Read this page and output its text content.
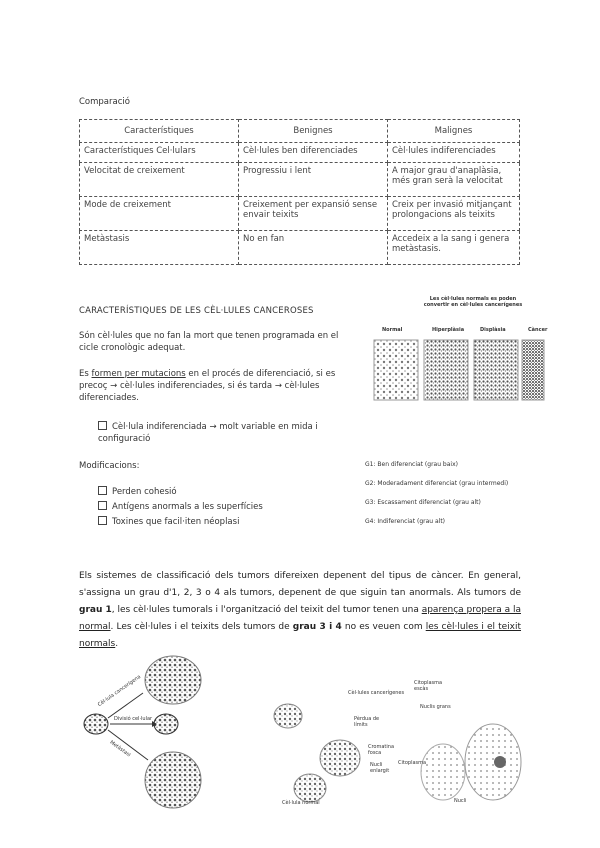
Comparació
Característiques	Benignes	Malignes
Característiques Cel·lulars	Cèl·lules ben diferenciades	Cèl·lules indiferenciades
Velocitat de creixement	Progressiu i lent	A major grau d'anaplàsia, més gran serà la velocitat
Mode de creixement	Creixement per expansió sense envair teixits	Creix per invasió mitjançant prolongacions als teixits
Metàstasis	No en fan	Accedeix a la sang i genera metàstasis.
CARACTERÍSTIQUES DE LES CÈL·LULES CANCEROSES
Són cèl·lules que no fan la mort que tenen programada en el cicle cronològic adequat.
Es formen per mutacions en el procés de diferenciació, si es precoç → cèl·lules indiferenciades, si és tarda → cèl·lules diferenciades.
Cèl·lula indiferenciada → molt variable en mida i configuració
Modificacions:
Perden cohesió
Antígens anormals a les superfícies
Toxines que facil·iten néoplasi
Les cèl·lules normals es poden convertir en cèl·lules cancerígenes
Normal	Hiperplàsia	Displàsia	Càncer
G1: Ben diferenciat (grau baix)
G2: Moderadament diferenciat (grau intermedi)
G3: Escassament diferenciat (grau alt)
G4: Indiferenciat (grau alt)
Els sistemes de classificació dels tumors difereixen depenent del tipus de càncer. En general, s'assigna un grau d'1, 2, 3 o 4 als tumors, depenent de que siguin tan anormals. Als tumors de grau 1, les cèl·lules tumorals i l'organització del teixit del tumor tenen una aparença propera a la normal. Les cèl·lules i el teixits dels tumors de grau 3 i 4 no es veuen com les cèl·lules i el teixit normals.
Cèl·lula cancerígena
Divisió cel·lular
Metàstasi
Citoplasma escàs
Cèl·lules cancerígenes
Nuclis grans
Pèrdua de límits
Cromatina fosca
Nucli enlargit
Cèl·lula normal
Citoplasma
Nucli
